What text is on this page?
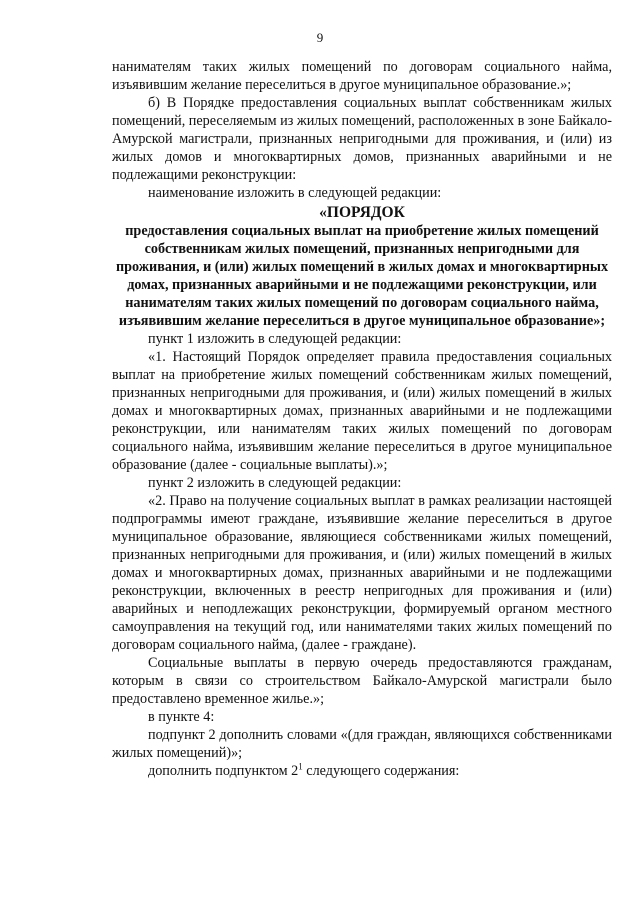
9

нанимателям таких жилых помещений по договорам социального найма, изъявившим желание переселиться в другое муниципальное образование.»;

б) В Порядке предоставления социальных выплат собственникам жилых помещений, переселяемым из жилых помещений, расположенных в зоне Байкало-Амурской магистрали, признанных непригодными для проживания, и (или) из жилых домов и многоквартирных домов, признанных аварийными и не подлежащими реконструкции:

наименование изложить в следующей редакции:

«ПОРЯДОК

предоставления социальных выплат на приобретение жилых помещений собственникам жилых помещений, признанных непригодными для проживания, и (или) жилых помещений в жилых домах и многоквартирных домах, признанных аварийными и не подлежащими реконструкции, или нанимателям таких жилых помещений по договорам социального найма, изъявившим желание переселиться в другое муниципальное образование»;

пункт 1 изложить в следующей редакции:

«1. Настоящий Порядок определяет правила предоставления социальных выплат на приобретение жилых помещений собственникам жилых помещений, признанных непригодными для проживания, и (или) жилых помещений в жилых домах и многоквартирных домах, признанных аварийными и не подлежащими реконструкции, или нанимателям таких жилых помещений по договорам социального найма, изъявившим желание переселиться в другое муниципальное образование (далее - социальные выплаты).»;

пункт 2 изложить в следующей редакции:

«2. Право на получение социальных выплат в рамках реализации настоящей подпрограммы имеют граждане, изъявившие желание переселиться в другое муниципальное образование, являющиеся собственниками жилых помещений, признанных непригодными для проживания, и (или) жилых помещений в жилых домах и многоквартирных домах, признанных аварийными и не подлежащими реконструкции, включенных в реестр непригодных для проживания и (или) аварийных и неподлежащих реконструкции, формируемый органом местного самоуправления на текущий год, или нанимателями таких жилых помещений по договорам социального найма, (далее - граждане).

Социальные выплаты в первую очередь предоставляются гражданам, которым в связи со строительством Байкало-Амурской магистрали было предоставлено временное жилье.»;

в пункте 4:

подпункт 2 дополнить словами «(для граждан, являющихся собственниками жилых помещений)»;

дополнить подпунктом $2^1$ следующего содержания:
